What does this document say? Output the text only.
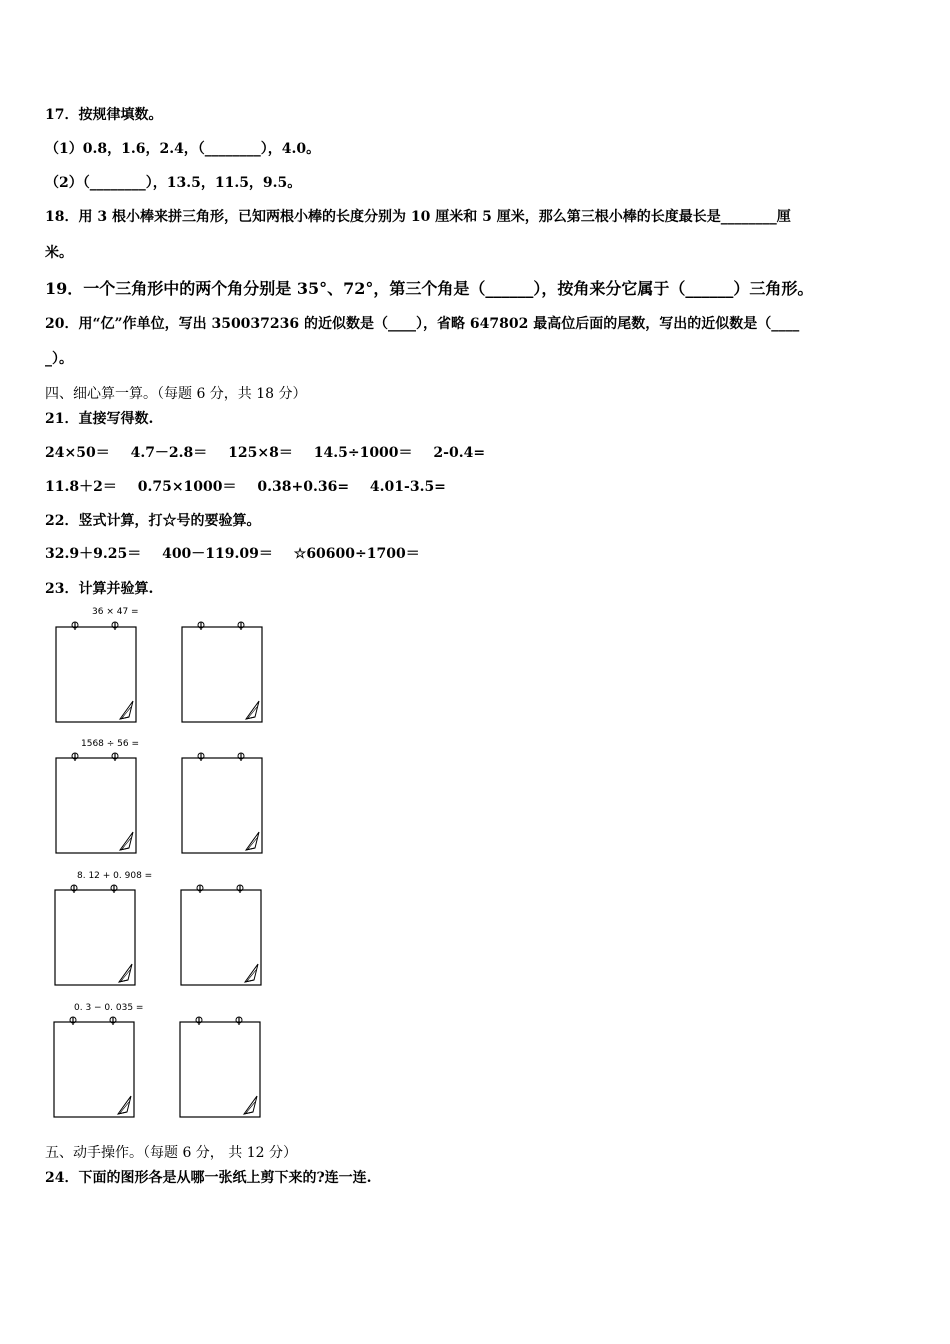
17．按规律填数。
（1）0.8，1.6，2.4，（________），4.0。
（2）（________），13.5，11.5，9.5。
18．用 3 根小棒来拼三角形，已知两根小棒的长度分别为 10 厘米和 5 厘米，那么第三根小棒的长度最长是________厘
米。
19．一个三角形中的两个角分别是 35°、72°，第三个角是（______），按角来分它属于（______）三角形。
20．用“亿”作单位，写出 350037236 的近似数是（____），省略 647802 最高位后面的尾数，写出的近似数是（____
_）。
四、细心算一算。（每题 6 分，共 18 分）
21．直接写得数.
24×50＝ 4.7－2.8＝ 125×8＝ 14.5÷1000＝ 2-0.4=
11.8＋2＝ 0.75×1000＝ 0.38+0.36= 4.01-3.5=
22．竖式计算，打☆号的要验算。
32.9＋9.25＝ 400－119.09＝ ☆60600÷1700＝
23．计算并验算.
36 × 47 =
1568 ÷ 56 =
8. 12 + 0. 908 =
0. 3 − 0. 035 =
五、动手操作。（每题 6 分， 共 12 分）
24．下面的图形各是从哪一张纸上剪下来的?连一连.
